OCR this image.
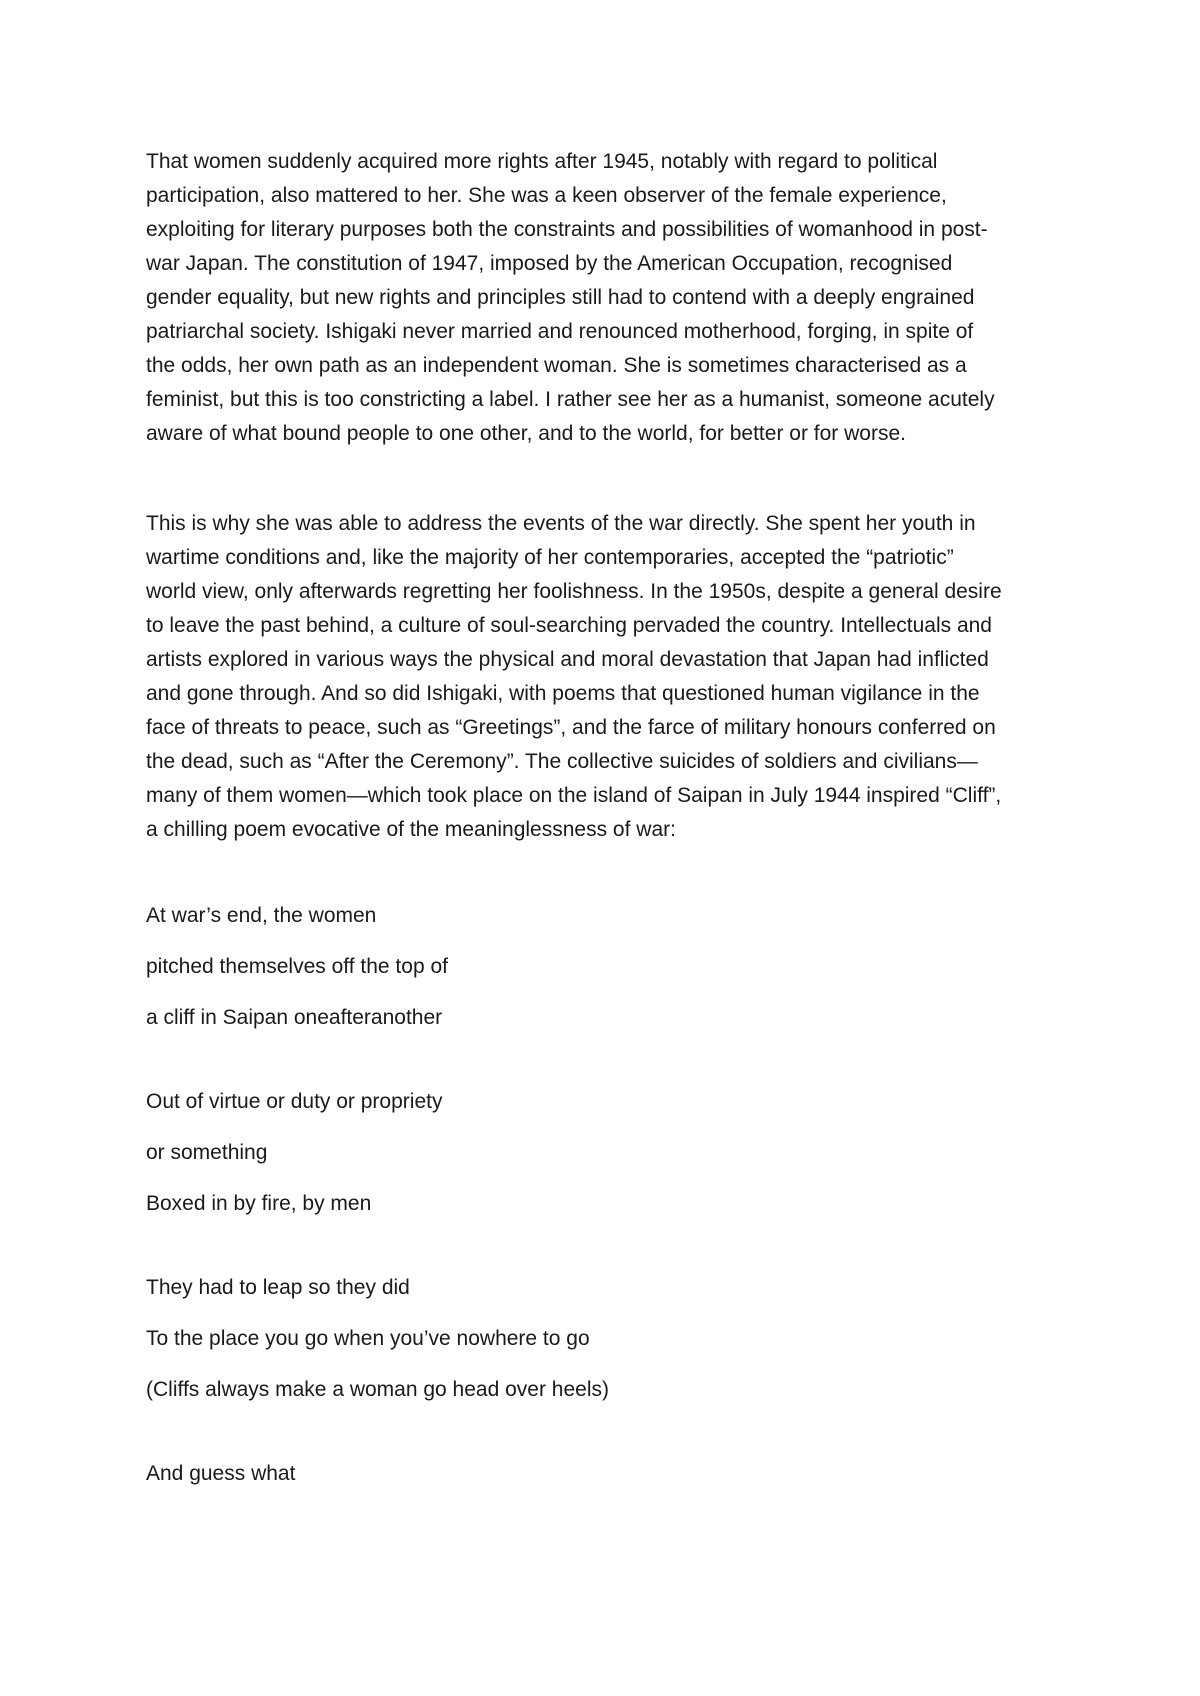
That women suddenly acquired more rights after 1945, notably with regard to political
participation, also mattered to her. She was a keen observer of the female experience,
exploiting for literary purposes both the constraints and possibilities of womanhood in post-
war Japan. The constitution of 1947, imposed by the American Occupation, recognised
gender equality, but new rights and principles still had to contend with a deeply engrained
patriarchal society. Ishigaki never married and renounced motherhood, forging, in spite of
the odds, her own path as an independent woman. She is sometimes characterised as a
feminist, but this is too constricting a label. I rather see her as a humanist, someone acutely
aware of what bound people to one other, and to the world, for better or for worse.

This is why she was able to address the events of the war directly. She spent her youth in
wartime conditions and, like the majority of her contemporaries, accepted the “patriotic”
world view, only afterwards regretting her foolishness. In the 1950s, despite a general desire
to leave the past behind, a culture of soul-searching pervaded the country. Intellectuals and
artists explored in various ways the physical and moral devastation that Japan had inflicted
and gone through. And so did Ishigaki, with poems that questioned human vigilance in the
face of threats to peace, such as “Greetings”, and the farce of military honours conferred on
the dead, such as “After the Ceremony”. The collective suicides of soldiers and civilians—
many of them women—which took place on the island of Saipan in July 1944 inspired “Cliff”,
a chilling poem evocative of the meaninglessness of war:

At war’s end, the women

pitched themselves off the top of

a cliff in Saipan oneafteranother

Out of virtue or duty or propriety

or something

Boxed in by fire, by men

They had to leap so they did

To the place you go when you’ve nowhere to go

(Cliffs always make a woman go head over heels)

And guess what
